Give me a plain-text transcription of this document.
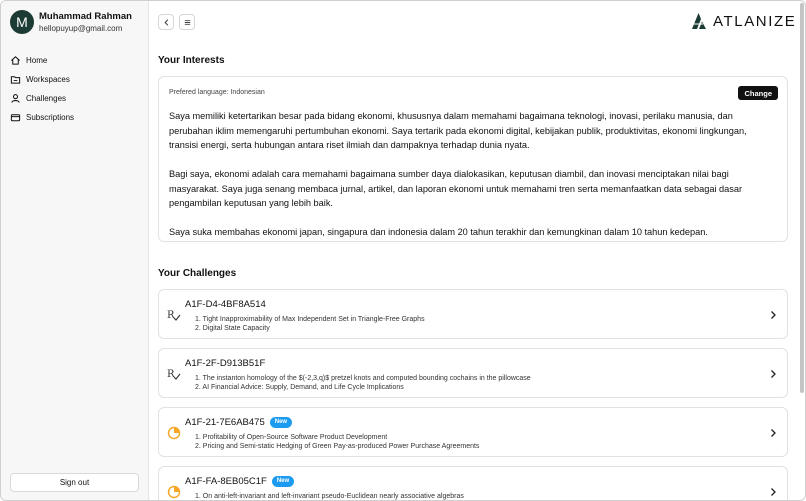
M	Muhammad Rahman
hellopuyup@gmail.com
Home
Workspaces
Challenges
Subscriptions
Sign out
ATLANIZE
Your Interests
Prefered language: Indonesian	Change

Saya memiliki ketertarikan besar pada bidang ekonomi, khususnya dalam memahami bagaimana teknologi, inovasi, perilaku manusia, dan perubahan iklim memengaruhi pertumbuhan ekonomi. Saya tertarik pada ekonomi digital, kebijakan publik, produktivitas, ekonomi lingkungan, transisi energi, serta hubungan antara riset ilmiah dan dampaknya terhadap dunia nyata.

Bagi saya, ekonomi adalah cara memahami bagaimana sumber daya dialokasikan, keputusan diambil, dan inovasi menciptakan nilai bagi masyarakat. Saya juga senang membaca jurnal, artikel, dan laporan ekonomi untuk memahami tren serta memanfaatkan data sebagai dasar pengambilan keputusan yang lebih baik.

Saya suka membahas ekonomi japan, singapura dan indonesia dalam 20 tahun terakhir dan kemungkinan dalam 10 tahun kedepan.

Your Challenges
R
A1F-D4-4BF8A514
1. Tight Inapproximability of Max Independent Set in Triangle-Free Graphs
2. Digital State Capacity
R
A1F-2F-D913B51F
1. The instanton homology of the $(-2,3,q)$ pretzel knots and computed bounding cochains in the pillowcase
2. AI Financial Advice: Supply, Demand, and Life Cycle Implications
A1F-21-7E6AB475	New
1. Profitability of Open-Source Software Product Development
2. Pricing and Semi-static Hedging of Green Pay-as-produced Power Purchase Agreements
A1F-FA-8EB05C1F	New
1. On anti-left-invariant and left-invariant pseudo-Euclidean nearly associative algebras
